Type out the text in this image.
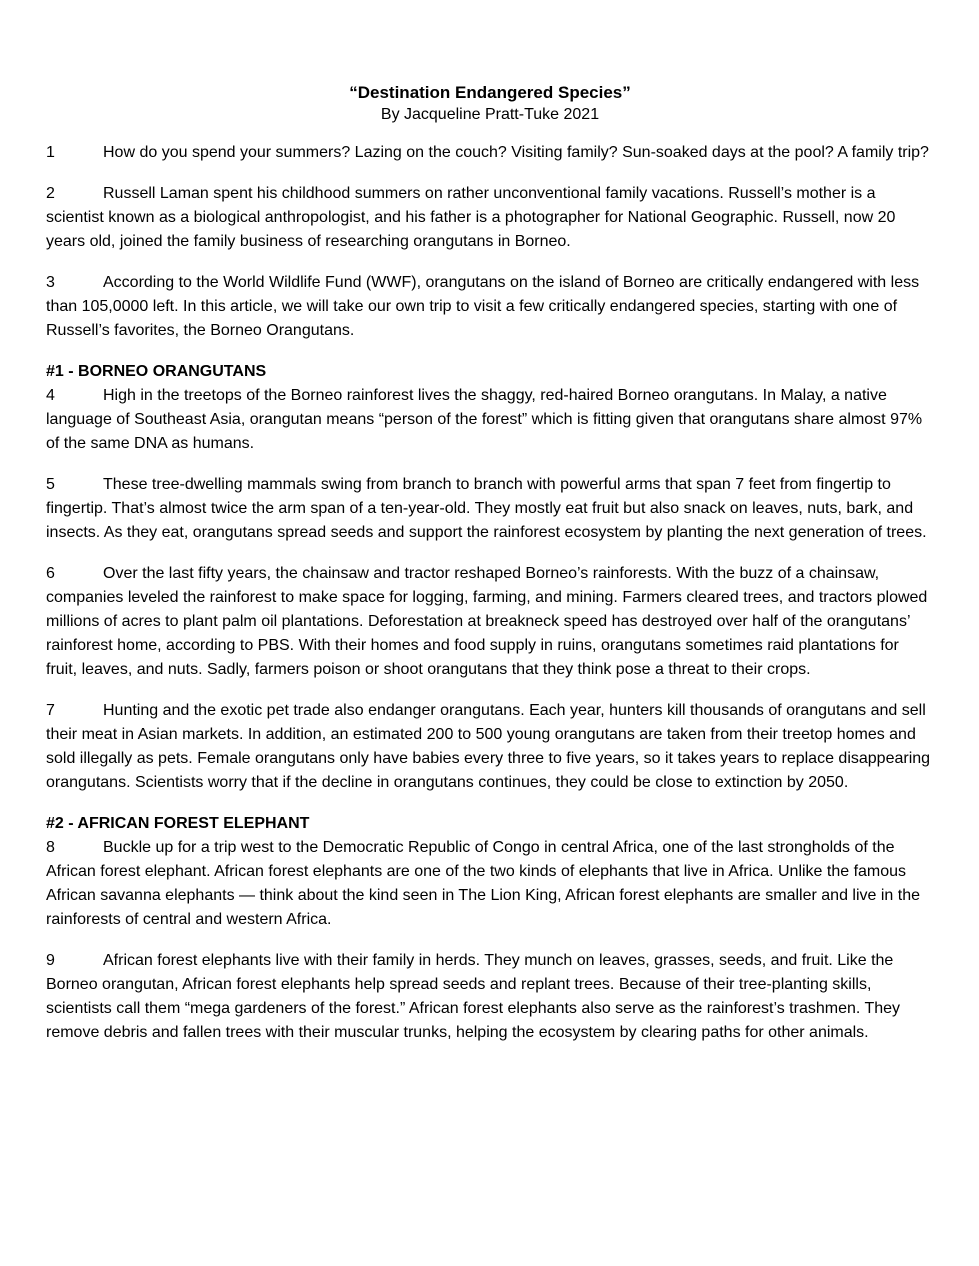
“Destination Endangered Species”

By Jacqueline Pratt-Tuke 2021

1	How do you spend your summers? Lazing on the couch? Visiting family? Sun-soaked days at the pool? A family trip?

2	Russell Laman spent his childhood summers on rather unconventional family vacations. Russell’s mother is a scientist known as a biological anthropologist, and his father is a photographer for National Geographic. Russell, now 20 years old, joined the family business of researching orangutans in Borneo.

3	According to the World Wildlife Fund (WWF), orangutans on the island of Borneo are critically endangered with less than 105,0000 left. In this article, we will take our own trip to visit a few critically endangered species, starting with one of Russell’s favorites, the Borneo Orangutans.

#1 - BORNEO ORANGUTANS

4	High in the treetops of the Borneo rainforest lives the shaggy, red-haired Borneo orangutans. In Malay, a native language of Southeast Asia, orangutan means “person of the forest” which is fitting given that orangutans share almost 97% of the same DNA as humans.

5	These tree-dwelling mammals swing from branch to branch with powerful arms that span 7 feet from fingertip to fingertip. That’s almost twice the arm span of a ten-year-old. They mostly eat fruit but also snack on leaves, nuts, bark, and insects. As they eat, orangutans spread seeds and support the rainforest ecosystem by planting the next generation of trees.

6	Over the last fifty years, the chainsaw and tractor reshaped Borneo’s rainforests. With the buzz of a chainsaw, companies leveled the rainforest to make space for logging, farming, and mining. Farmers cleared trees, and tractors plowed millions of acres to plant palm oil plantations. Deforestation at breakneck speed has destroyed over half of the orangutans’ rainforest home, according to PBS. With their homes and food supply in ruins, orangutans sometimes raid plantations for fruit, leaves, and nuts. Sadly, farmers poison or shoot orangutans that they think pose a threat to their crops.

7	Hunting and the exotic pet trade also endanger orangutans. Each year, hunters kill thousands of orangutans and sell their meat in Asian markets. In addition, an estimated 200 to 500 young orangutans are taken from their treetop homes and sold illegally as pets. Female orangutans only have babies every three to five years, so it takes years to replace disappearing orangutans. Scientists worry that if the decline in orangutans continues, they could be close to extinction by 2050.

#2 - AFRICAN FOREST ELEPHANT

8	Buckle up for a trip west to the Democratic Republic of Congo in central Africa, one of the last strongholds of the African forest elephant. African forest elephants are one of the two kinds of elephants that live in Africa. Unlike the famous African savanna elephants — think about the kind seen in The Lion King, African forest elephants are smaller and live in the rainforests of central and western Africa.

9	African forest elephants live with their family in herds. They munch on leaves, grasses, seeds, and fruit. Like the Borneo orangutan, African forest elephants help spread seeds and replant trees. Because of their tree-planting skills, scientists call them “mega gardeners of the forest.” African forest elephants also serve as the rainforest’s trashmen. They remove debris and fallen trees with their muscular trunks, helping the ecosystem by clearing paths for other animals.
